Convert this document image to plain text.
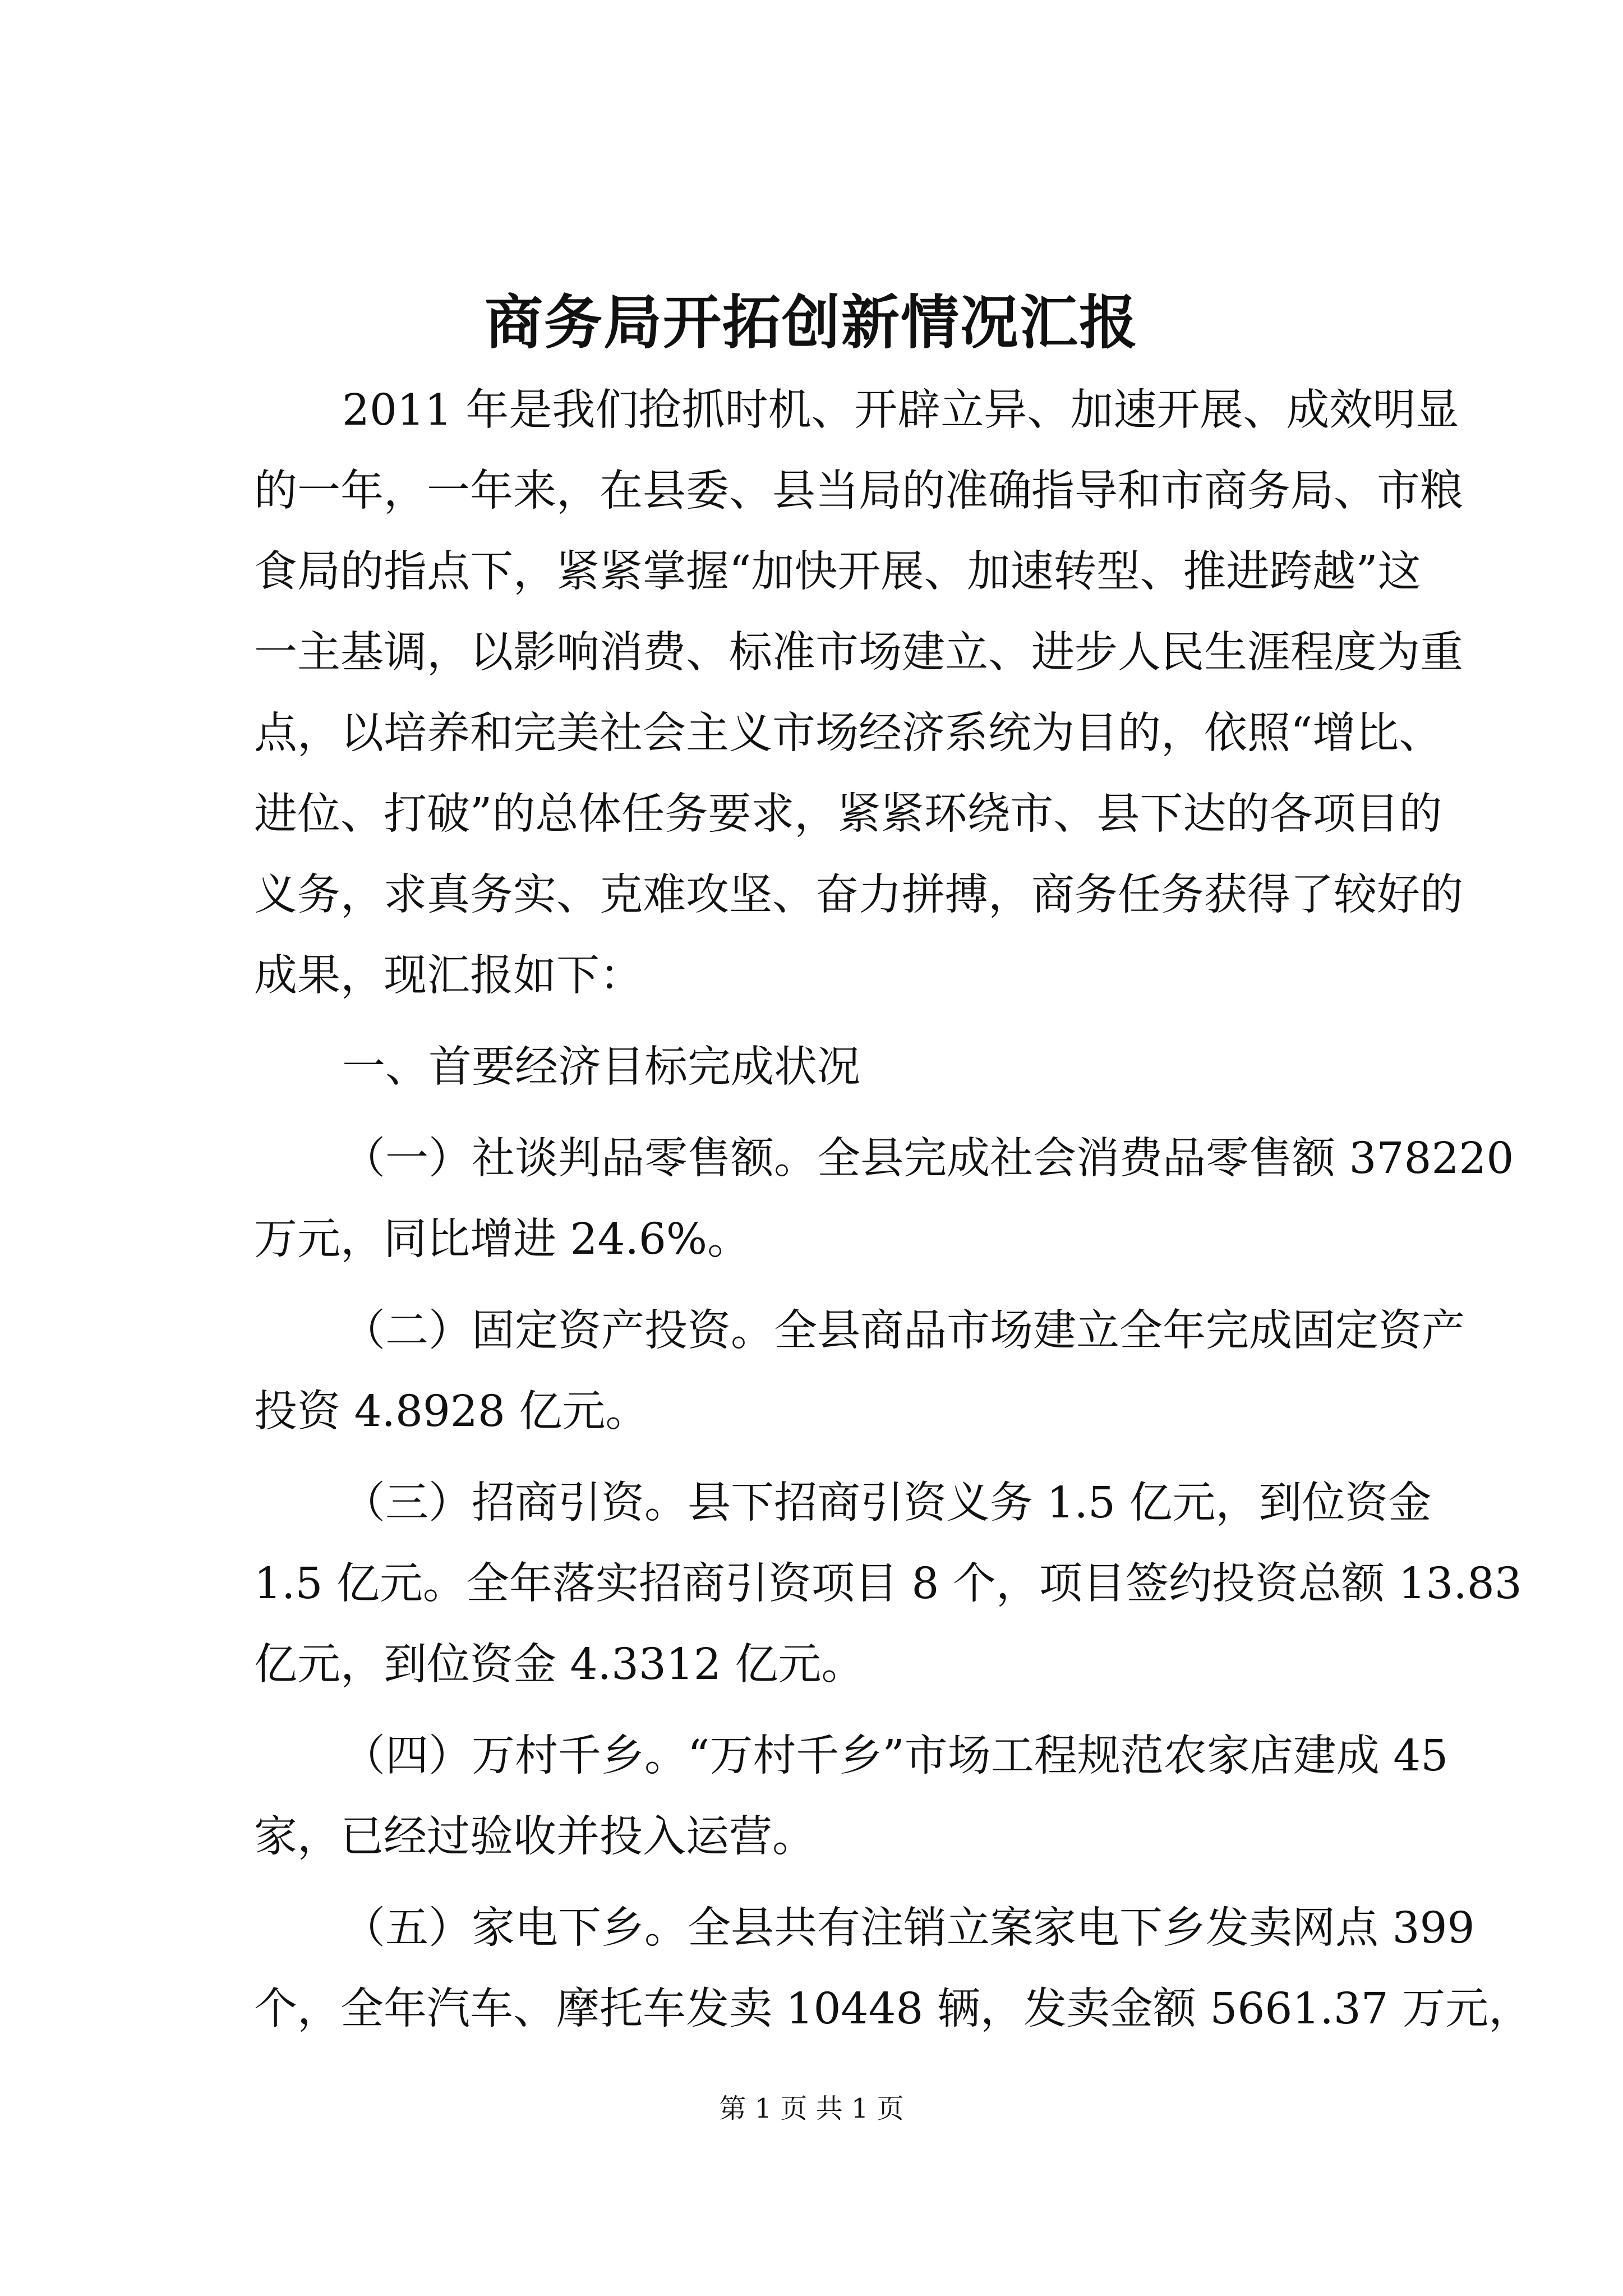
商务局开拓创新情况汇报
2011 年是我们抢抓时机、开辟立异、加速开展、成效明显
的一年，一年来，在县委、县当局的准确指导和市商务局、市粮
食局的指点下，紧紧掌握“加快开展、加速转型、推进跨越”这
一主基调，以影响消费、标准市场建立、进步人民生涯程度为重
点，以培养和完美社会主义市场经济系统为目的，依照“增比、
进位、打破”的总体任务要求，紧紧环绕市、县下达的各项目的
义务，求真务实、克难攻坚、奋力拼搏，商务任务获得了较好的
成果，现汇报如下：
一、首要经济目标完成状况
（一）社谈判品零售额。全县完成社会消费品零售额 378220
万元，同比增进 24.6%。
（二）固定资产投资。全县商品市场建立全年完成固定资产
投资 4.8928 亿元。
（三）招商引资。县下招商引资义务 1.5 亿元，到位资金
1.5 亿元。全年落实招商引资项目 8 个，项目签约投资总额 13.83
亿元，到位资金 4.3312 亿元。
（四）万村千乡。“万村千乡”市场工程规范农家店建成 45
家，已经过验收并投入运营。
（五）家电下乡。全县共有注销立案家电下乡发卖网点 399
个，全年汽车、摩托车发卖 10448 辆，发卖金额 5661.37 万元，
第 1 页 共 1 页
